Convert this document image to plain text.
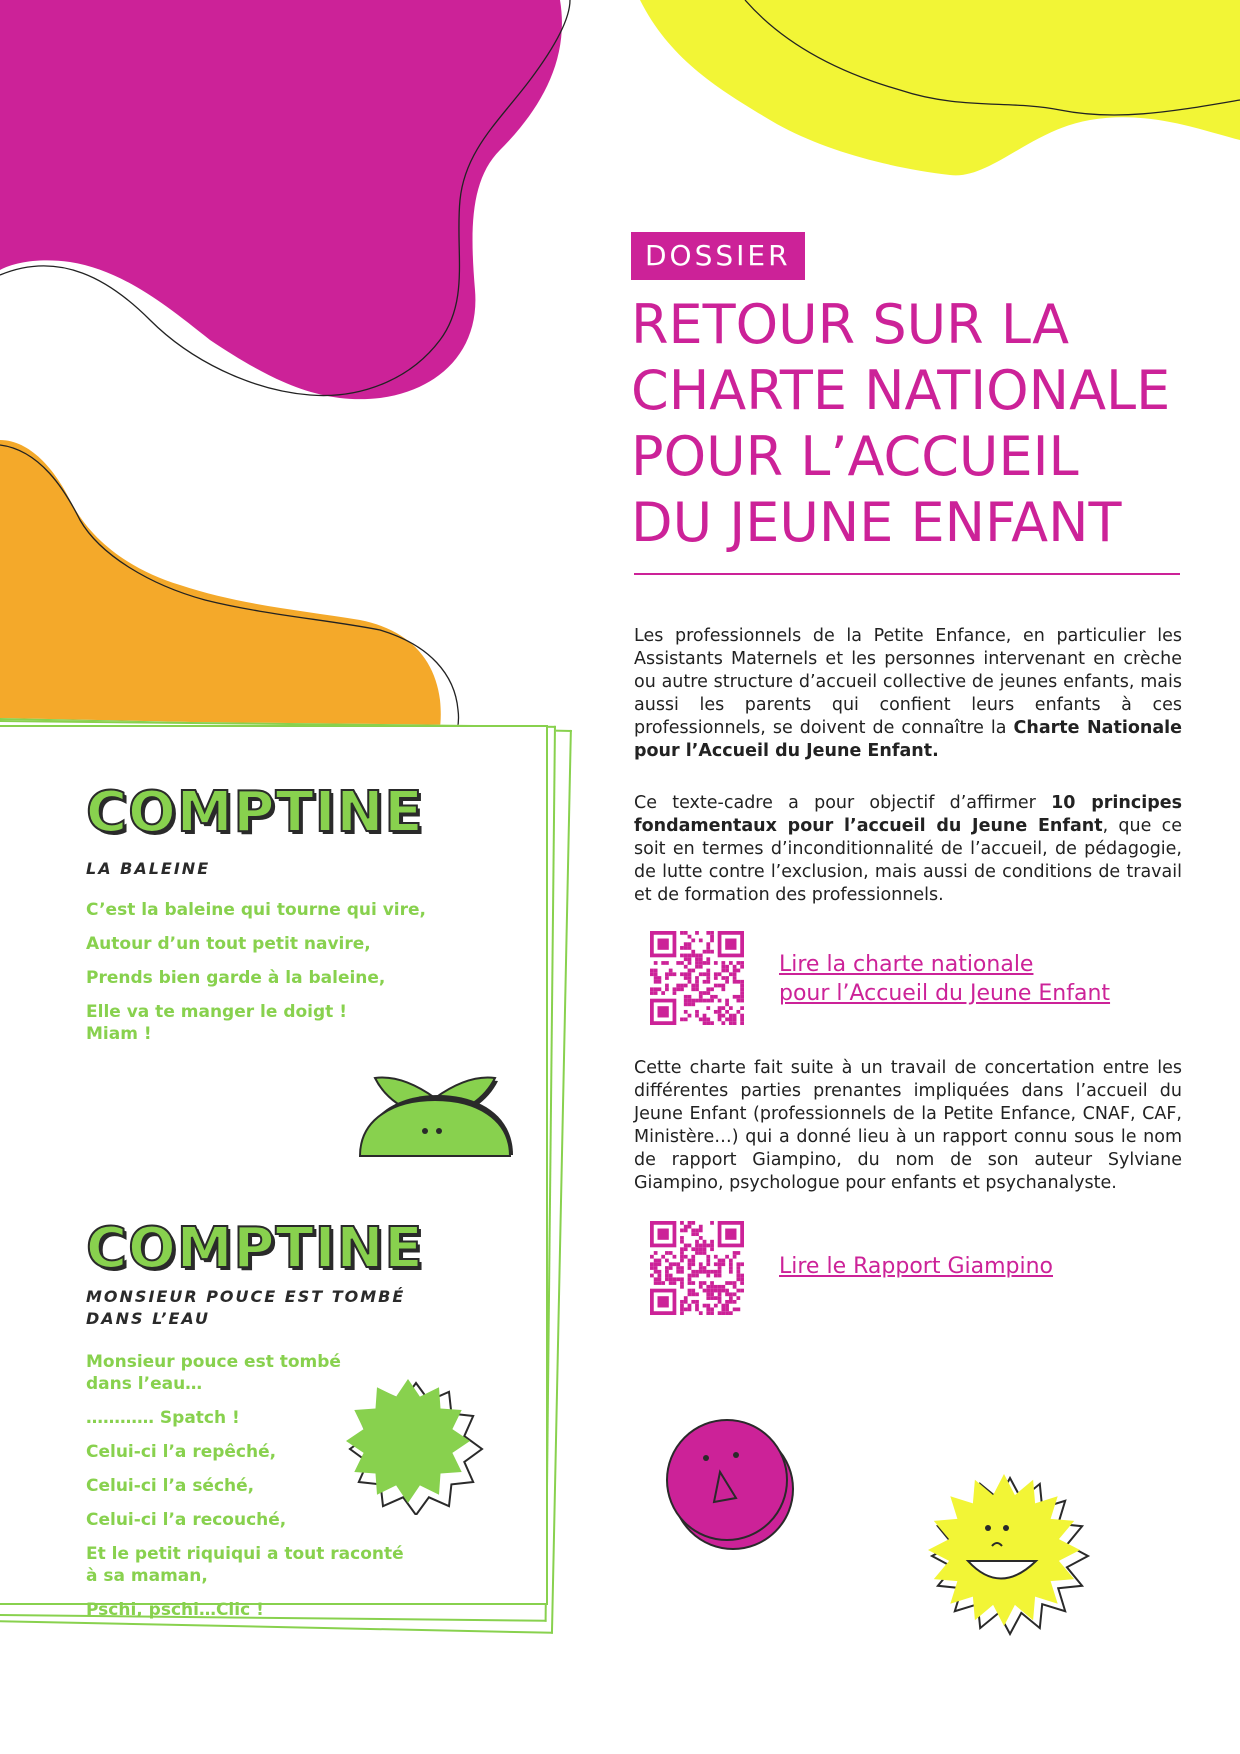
COMPTINE
LA BALEINE
C’est la baleine qui tourne qui vire,
Autour d’un tout petit navire,
Prends bien garde à la baleine,
Elle va te manger le doigt !
Miam !
COMPTINE
MONSIEUR POUCE EST TOMBÉ
DANS L’EAU
Monsieur pouce est tombé
dans l’eau…
………… Spatch !
Celui-ci l’a repêché,
Celui-ci l’a séché,
Celui-ci l’a recouché,
Et le petit riquiqui a tout raconté
à sa maman,
Pschi, pschi…Clic !
DOSSIER
RETOUR SUR LA
CHARTE NATIONALE
POUR L’ACCUEIL
DU JEUNE ENFANT
Les professionnels de la Petite Enfance, en particulier les Assistants Maternels et les personnes intervenant en crèche ou autre structure d’accueil collective de jeunes enfants, mais aussi les parents qui confient leurs enfants à ces professionnels, se doivent de connaître la Charte Nationale pour l’Accueil du Jeune Enfant.
Ce texte-cadre a pour objectif d’affirmer 10 principes fondamentaux pour l’accueil du Jeune Enfant, que ce soit en termes d’inconditionnalité de l’accueil, de pédagogie, de lutte contre l’exclusion, mais aussi de conditions de travail et de formation des professionnels.
Lire la charte nationale
pour l’Accueil du Jeune Enfant
Cette charte fait suite à un travail de concertation entre les différentes parties prenantes impliquées dans l’accueil du Jeune Enfant (professionnels de la Petite Enfance, CNAF, CAF, Ministère…) qui a donné lieu à un rapport connu sous le nom de rapport Giampino, du nom de son auteur Sylviane Giampino, psychologue pour enfants et psychanalyste.
Lire le Rapport Giampino
